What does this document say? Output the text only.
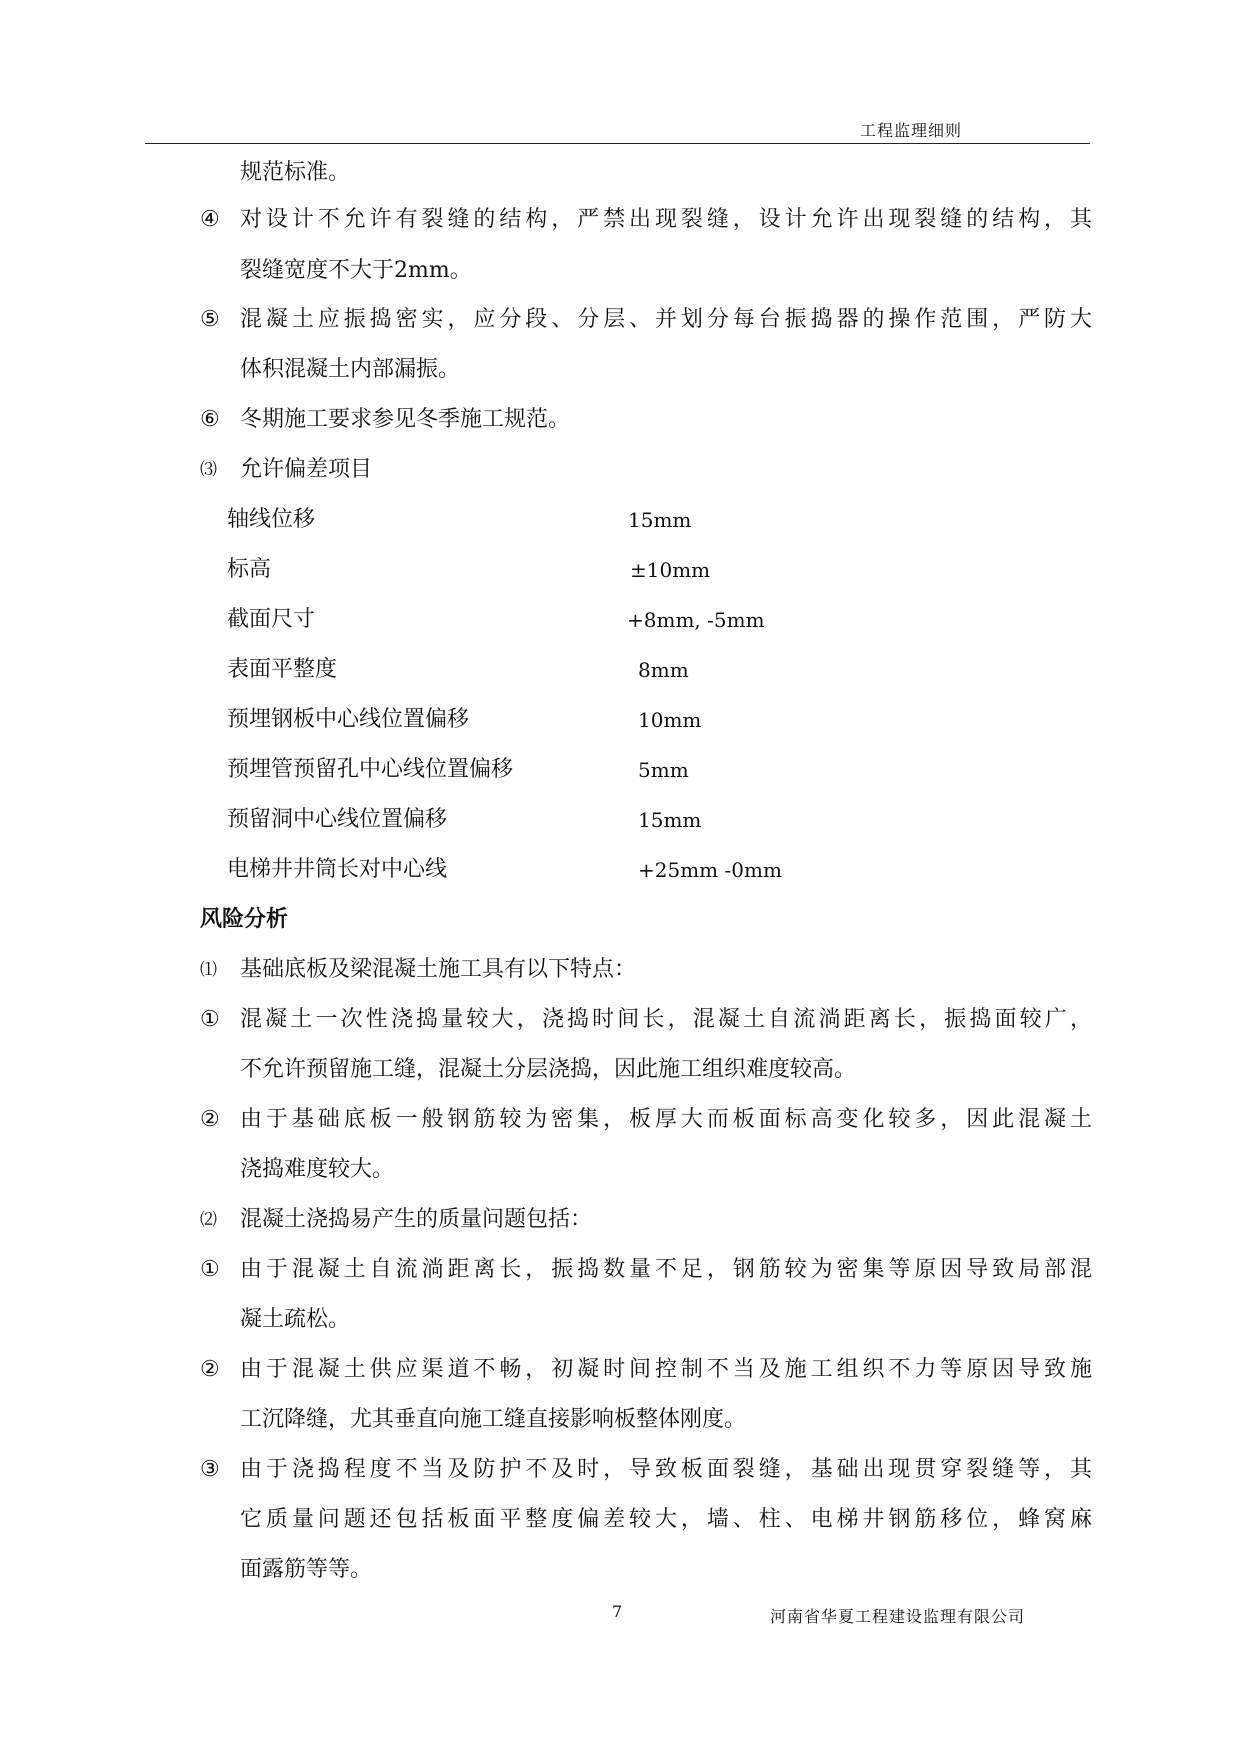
工程监理细则
规范标准。
④ 对设计不允许有裂缝的结构，严禁出现裂缝，设计允许出现裂缝的结构，其
裂缝宽度不大于2mm。
⑤ 混凝土应振捣密实，应分段、分层、并划分每台振捣器的操作范围，严防大
体积混凝土内部漏振。
⑥ 冬期施工要求参见冬季施工规范。
⑶ 允许偏差项目
轴线位移	15mm
标高	±10mm
截面尺寸	+8mm, -5mm
表面平整度	8mm
预埋钢板中心线位置偏移	10mm
预埋管预留孔中心线位置偏移	5mm
预留洞中心线位置偏移	15mm
电梯井井筒长对中心线	+25mm -0mm
风险分析
⑴ 基础底板及梁混凝土施工具有以下特点：
① 混凝土一次性浇捣量较大，浇捣时间长，混凝土自流淌距离长，振捣面较广，
不允许预留施工缝，混凝土分层浇捣，因此施工组织难度较高。
② 由于基础底板一般钢筋较为密集，板厚大而板面标高变化较多，因此混凝土
浇捣难度较大。
⑵ 混凝土浇捣易产生的质量问题包括：
① 由于混凝土自流淌距离长，振捣数量不足，钢筋较为密集等原因导致局部混
凝土疏松。
② 由于混凝土供应渠道不畅，初凝时间控制不当及施工组织不力等原因导致施
工沉降缝，尤其垂直向施工缝直接影响板整体刚度。
③ 由于浇捣程度不当及防护不及时，导致板面裂缝，基础出现贯穿裂缝等，其
它质量问题还包括板面平整度偏差较大，墙、柱、电梯井钢筋移位，蜂窝麻
面露筋等等。
7	河南省华夏工程建设监理有限公司
